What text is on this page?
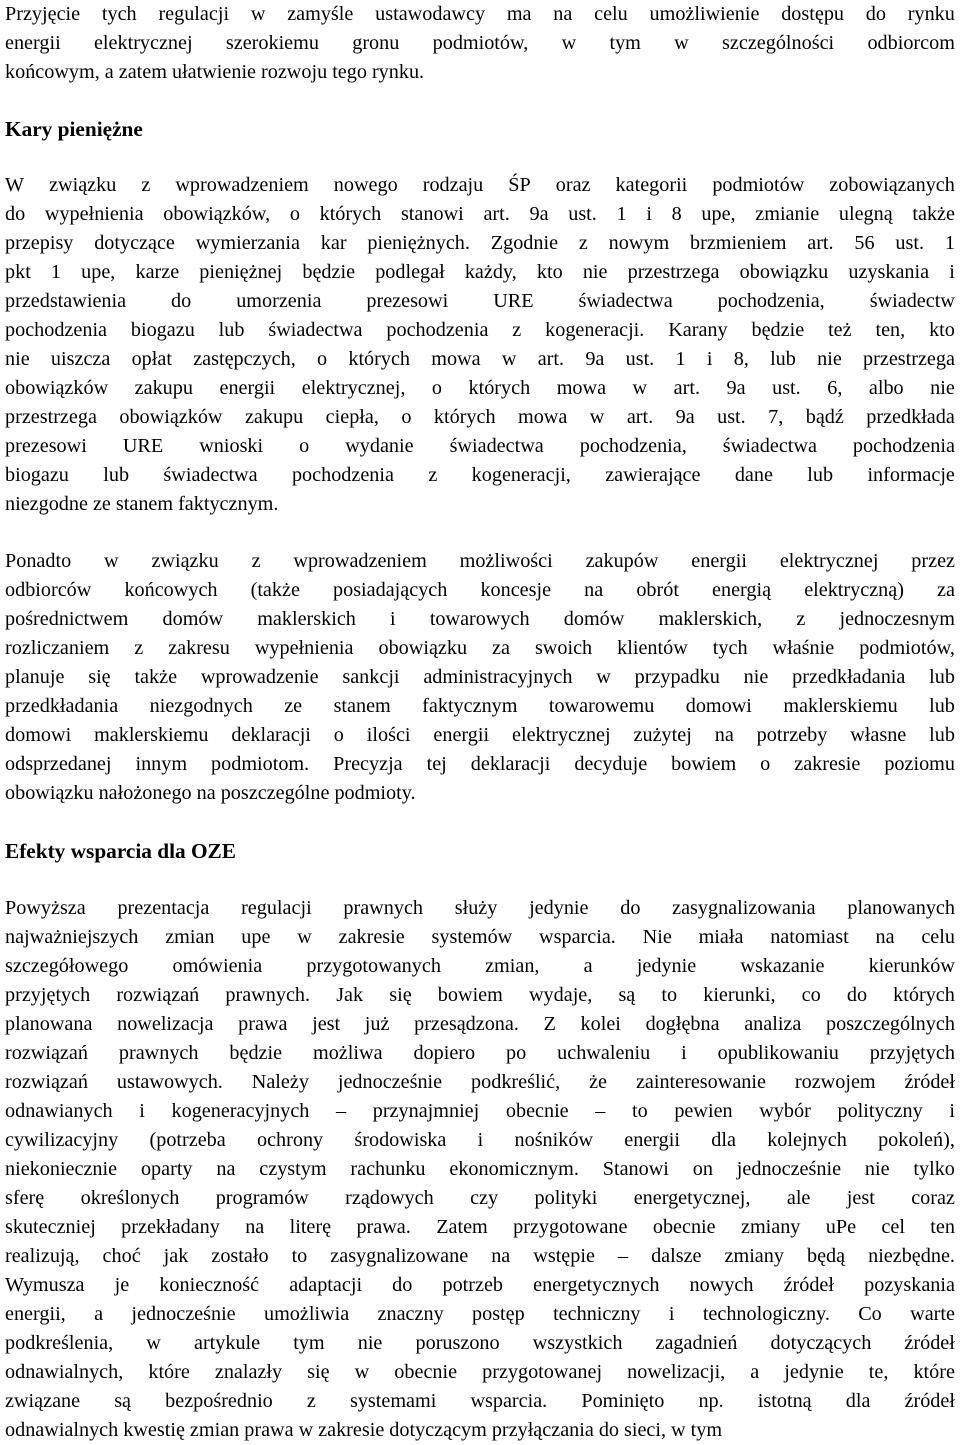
Przyjęcie tych regulacji w zamyśle ustawodawcy ma na celu umożliwienie dostępu do rynku
energii elektrycznej szerokiemu gronu podmiotów, w tym w szczególności odbiorcom
końcowym, a zatem ułatwienie rozwoju tego rynku.
Kary pieniężne
W związku z wprowadzeniem nowego rodzaju ŚP oraz kategorii podmiotów zobowiązanych
do wypełnienia obowiązków, o których stanowi art. 9a ust. 1 i 8 upe, zmianie ulegną także
przepisy dotyczące wymierzania kar pieniężnych. Zgodnie z nowym brzmieniem art. 56 ust. 1
pkt 1 upe, karze pieniężnej będzie podlegał każdy, kto nie przestrzega obowiązku uzyskania i
przedstawienia do umorzenia prezesowi URE świadectwa pochodzenia, świadectw
pochodzenia biogazu lub świadectwa pochodzenia z kogeneracji. Karany będzie też ten, kto
nie uiszcza opłat zastępczych, o których mowa w art. 9a ust. 1 i 8, lub nie przestrzega
obowiązków zakupu energii elektrycznej, o których mowa w art. 9a ust. 6, albo nie
przestrzega obowiązków zakupu ciepła, o których mowa w art. 9a ust. 7, bądź przedkłada
prezesowi URE wnioski o wydanie świadectwa pochodzenia, świadectwa pochodzenia
biogazu lub świadectwa pochodzenia z kogeneracji, zawierające dane lub informacje
niezgodne ze stanem faktycznym.
Ponadto w związku z wprowadzeniem możliwości zakupów energii elektrycznej przez
odbiorców końcowych (także posiadających koncesje na obrót energią elektryczną) za
pośrednictwem domów maklerskich i towarowych domów maklerskich, z jednoczesnym
rozliczaniem z zakresu wypełnienia obowiązku za swoich klientów tych właśnie podmiotów,
planuje się także wprowadzenie sankcji administracyjnych w przypadku nie przedkładania lub
przedkładania niezgodnych ze stanem faktycznym towarowemu domowi maklerskiemu lub
domowi maklerskiemu deklaracji o ilości energii elektrycznej zużytej na potrzeby własne lub
odsprzedanej innym podmiotom. Precyzja tej deklaracji decyduje bowiem o zakresie poziomu
obowiązku nałożonego na poszczególne podmioty.
Efekty wsparcia dla OZE
Powyższa prezentacja regulacji prawnych służy jedynie do zasygnalizowania planowanych
najważniejszych zmian upe w zakresie systemów wsparcia. Nie miała natomiast na celu
szczegółowego omówienia przygotowanych zmian, a jedynie wskazanie kierunków
przyjętych rozwiązań prawnych. Jak się bowiem wydaje, są to kierunki, co do których
planowana nowelizacja prawa jest już przesądzona. Z kolei dogłębna analiza poszczególnych
rozwiązań prawnych będzie możliwa dopiero po uchwaleniu i opublikowaniu przyjętych
rozwiązań ustawowych. Należy jednocześnie podkreślić, że zainteresowanie rozwojem źródeł
odnawianych i kogeneracyjnych – przynajmniej obecnie – to pewien wybór polityczny i
cywilizacyjny (potrzeba ochrony środowiska i nośników energii dla kolejnych pokoleń),
niekoniecznie oparty na czystym rachunku ekonomicznym. Stanowi on jednocześnie nie tylko
sferę określonych programów rządowych czy polityki energetycznej, ale jest coraz
skuteczniej przekładany na literę prawa. Zatem przygotowane obecnie zmiany uPe cel ten
realizują, choć jak zostało to zasygnalizowane na wstępie – dalsze zmiany będą niezbędne.
Wymusza je konieczność adaptacji do potrzeb energetycznych nowych źródeł pozyskania
energii, a jednocześnie umożliwia znaczny postęp techniczny i technologiczny. Co warte
podkreślenia, w artykule tym nie poruszono wszystkich zagadnień dotyczących źródeł
odnawialnych, które znalazły się w obecnie przygotowanej nowelizacji, a jedynie te, które
związane są bezpośrednio z systemami wsparcia. Pominięto np. istotną dla źródeł
odnawialnych kwestię zmian prawa w zakresie dotyczącym przyłączania do sieci, w tym
